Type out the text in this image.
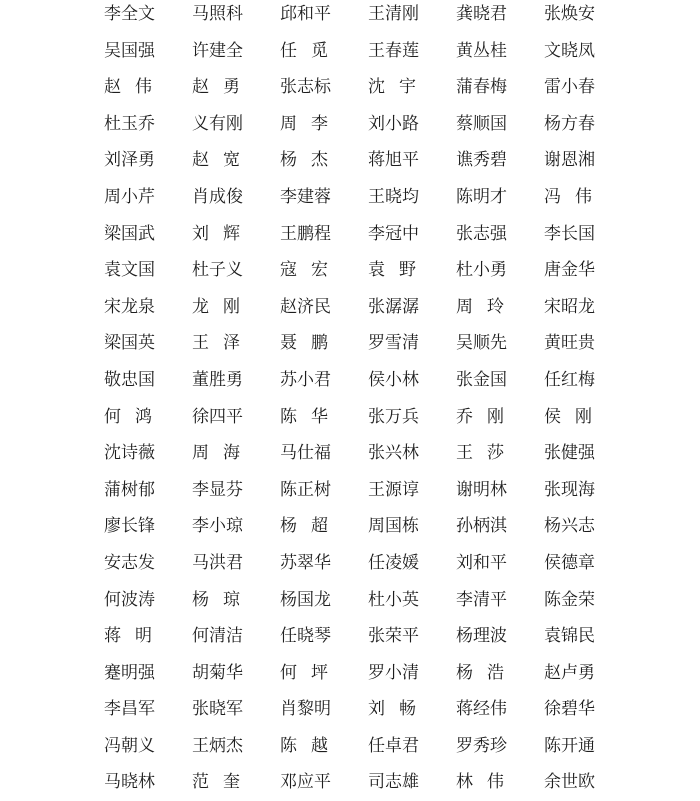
李全文 马照科 邱和平 王清刚 龚晓君 张焕安
吴国强 许建全 任 觅 王春莲 黄丛桂 文晓凤
赵 伟 赵 勇 张志标 沈 宇 蒲春梅 雷小春
杜玉乔 义有刚 周 李 刘小路 蔡顺国 杨方春
刘泽勇 赵 宽 杨 杰 蒋旭平 谯秀碧 谢恩湘
周小芹 肖成俊 李建蓉 王晓均 陈明才 冯 伟
梁国武 刘 辉 王鹏程 李冠中 张志强 李长国
袁文国 杜子义 寇 宏 袁 野 杜小勇 唐金华
宋龙泉 龙 刚 赵济民 张潺潺 周 玲 宋昭龙
梁国英 王 泽 聂 鹏 罗雪清 吴顺先 黄旺贵
敬忠国 董胜勇 苏小君 侯小林 张金国 任红梅
何 鸿 徐四平 陈 华 张万兵 乔 刚 侯 刚
沈诗薇 周 海 马仕福 张兴林 王 莎 张健强
蒲树郁 李显芬 陈正树 王源谆 谢明林 张现海
廖长锋 李小琼 杨 超 周国栋 孙柄淇 杨兴志
安志发 马洪君 苏翠华 任凌媛 刘和平 侯德章
何波涛 杨 琼 杨国龙 杜小英 李清平 陈金荣
蒋 明 何清洁 任晓琴 张荣平 杨理波 袁锦民
蹇明强 胡菊华 何 坪 罗小清 杨 浩 赵卢勇
李昌军 张晓军 肖黎明 刘 畅 蒋经伟 徐碧华
冯朝义 王炳杰 陈 越 任卓君 罗秀珍 陈开通
马晓林 范 奎 邓应平 司志雄 林 伟 余世欧
